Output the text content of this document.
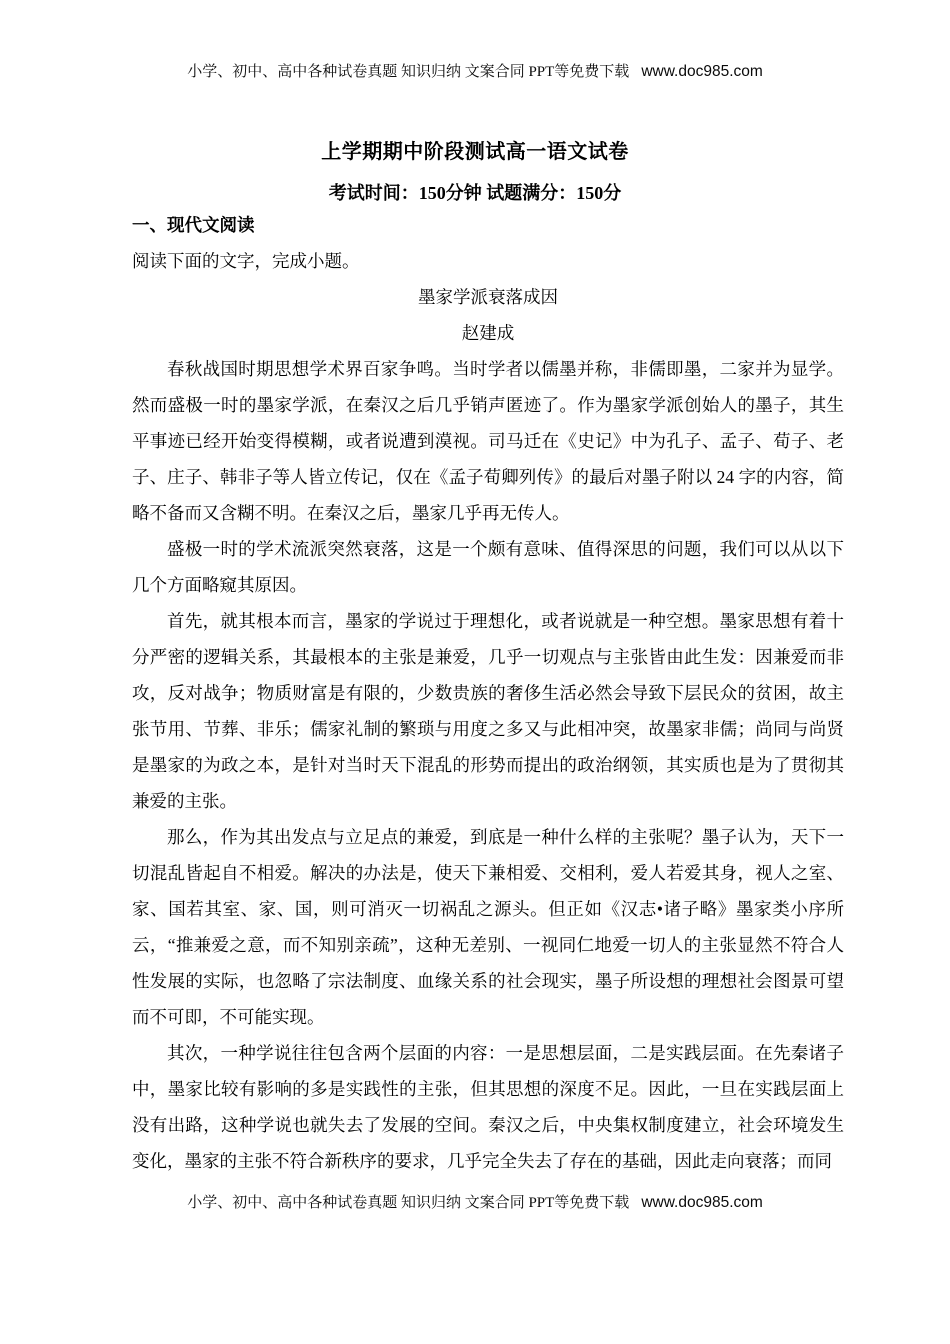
小学、初中、高中各种试卷真题 知识归纳 文案合同 PPT等免费下载 www.doc985.com
上学期期中阶段测试高一语文试卷
考试时间：150分钟 试题满分：150分
一、现代文阅读
阅读下面的文字，完成小题。
墨家学派衰落成因
赵建成

春秋战国时期思想学术界百家争鸣。当时学者以儒墨并称，非儒即墨，二家并为显学。然而盛极一时的墨家学派，在秦汉之后几乎销声匿迹了。作为墨家学派创始人的墨子，其生平事迹已经开始变得模糊，或者说遭到漠视。司马迁在《史记》中为孔子、孟子、荀子、老子、庄子、韩非子等人皆立传记，仅在《孟子荀卿列传》的最后对墨子附以 24 字的内容，简略不备而又含糊不明。在秦汉之后，墨家几乎再无传人。

盛极一时的学术流派突然衰落，这是一个颇有意味、值得深思的问题，我们可以从以下几个方面略窥其原因。

首先，就其根本而言，墨家的学说过于理想化，或者说就是一种空想。墨家思想有着十分严密的逻辑关系，其最根本的主张是兼爱，几乎一切观点与主张皆由此生发：因兼爱而非攻，反对战争；物质财富是有限的，少数贵族的奢侈生活必然会导致下层民众的贫困，故主张节用、节葬、非乐；儒家礼制的繁琐与用度之多又与此相冲突，故墨家非儒；尚同与尚贤是墨家的为政之本，是针对当时天下混乱的形势而提出的政治纲领，其实质也是为了贯彻其兼爱的主张。

那么，作为其出发点与立足点的兼爱，到底是一种什么样的主张呢？墨子认为，天下一切混乱皆起自不相爱。解决的办法是，使天下兼相爱、交相利，爱人若爱其身，视人之室、家、国若其室、家、国，则可消灭一切祸乱之源头。但正如《汉志•诸子略》墨家类小序所云，“推兼爱之意，而不知别亲疏”，这种无差别、一视同仁地爱一切人的主张显然不符合人性发展的实际，也忽略了宗法制度、血缘关系的社会现实，墨子所设想的理想社会图景可望而不可即，不可能实现。

其次，一种学说往往包含两个层面的内容：一是思想层面，二是实践层面。在先秦诸子中，墨家比较有影响的多是实践性的主张，但其思想的深度不足。因此，一旦在实践层面上没有出路，这种学说也就失去了发展的空间。秦汉之后，中央集权制度建立，社会环境发生变化，墨家的主张不符合新秩序的要求，几乎完全失去了存在的基础，因此走向衰落；而同

小学、初中、高中各种试卷真题 知识归纳 文案合同 PPT等免费下载 www.doc985.com
